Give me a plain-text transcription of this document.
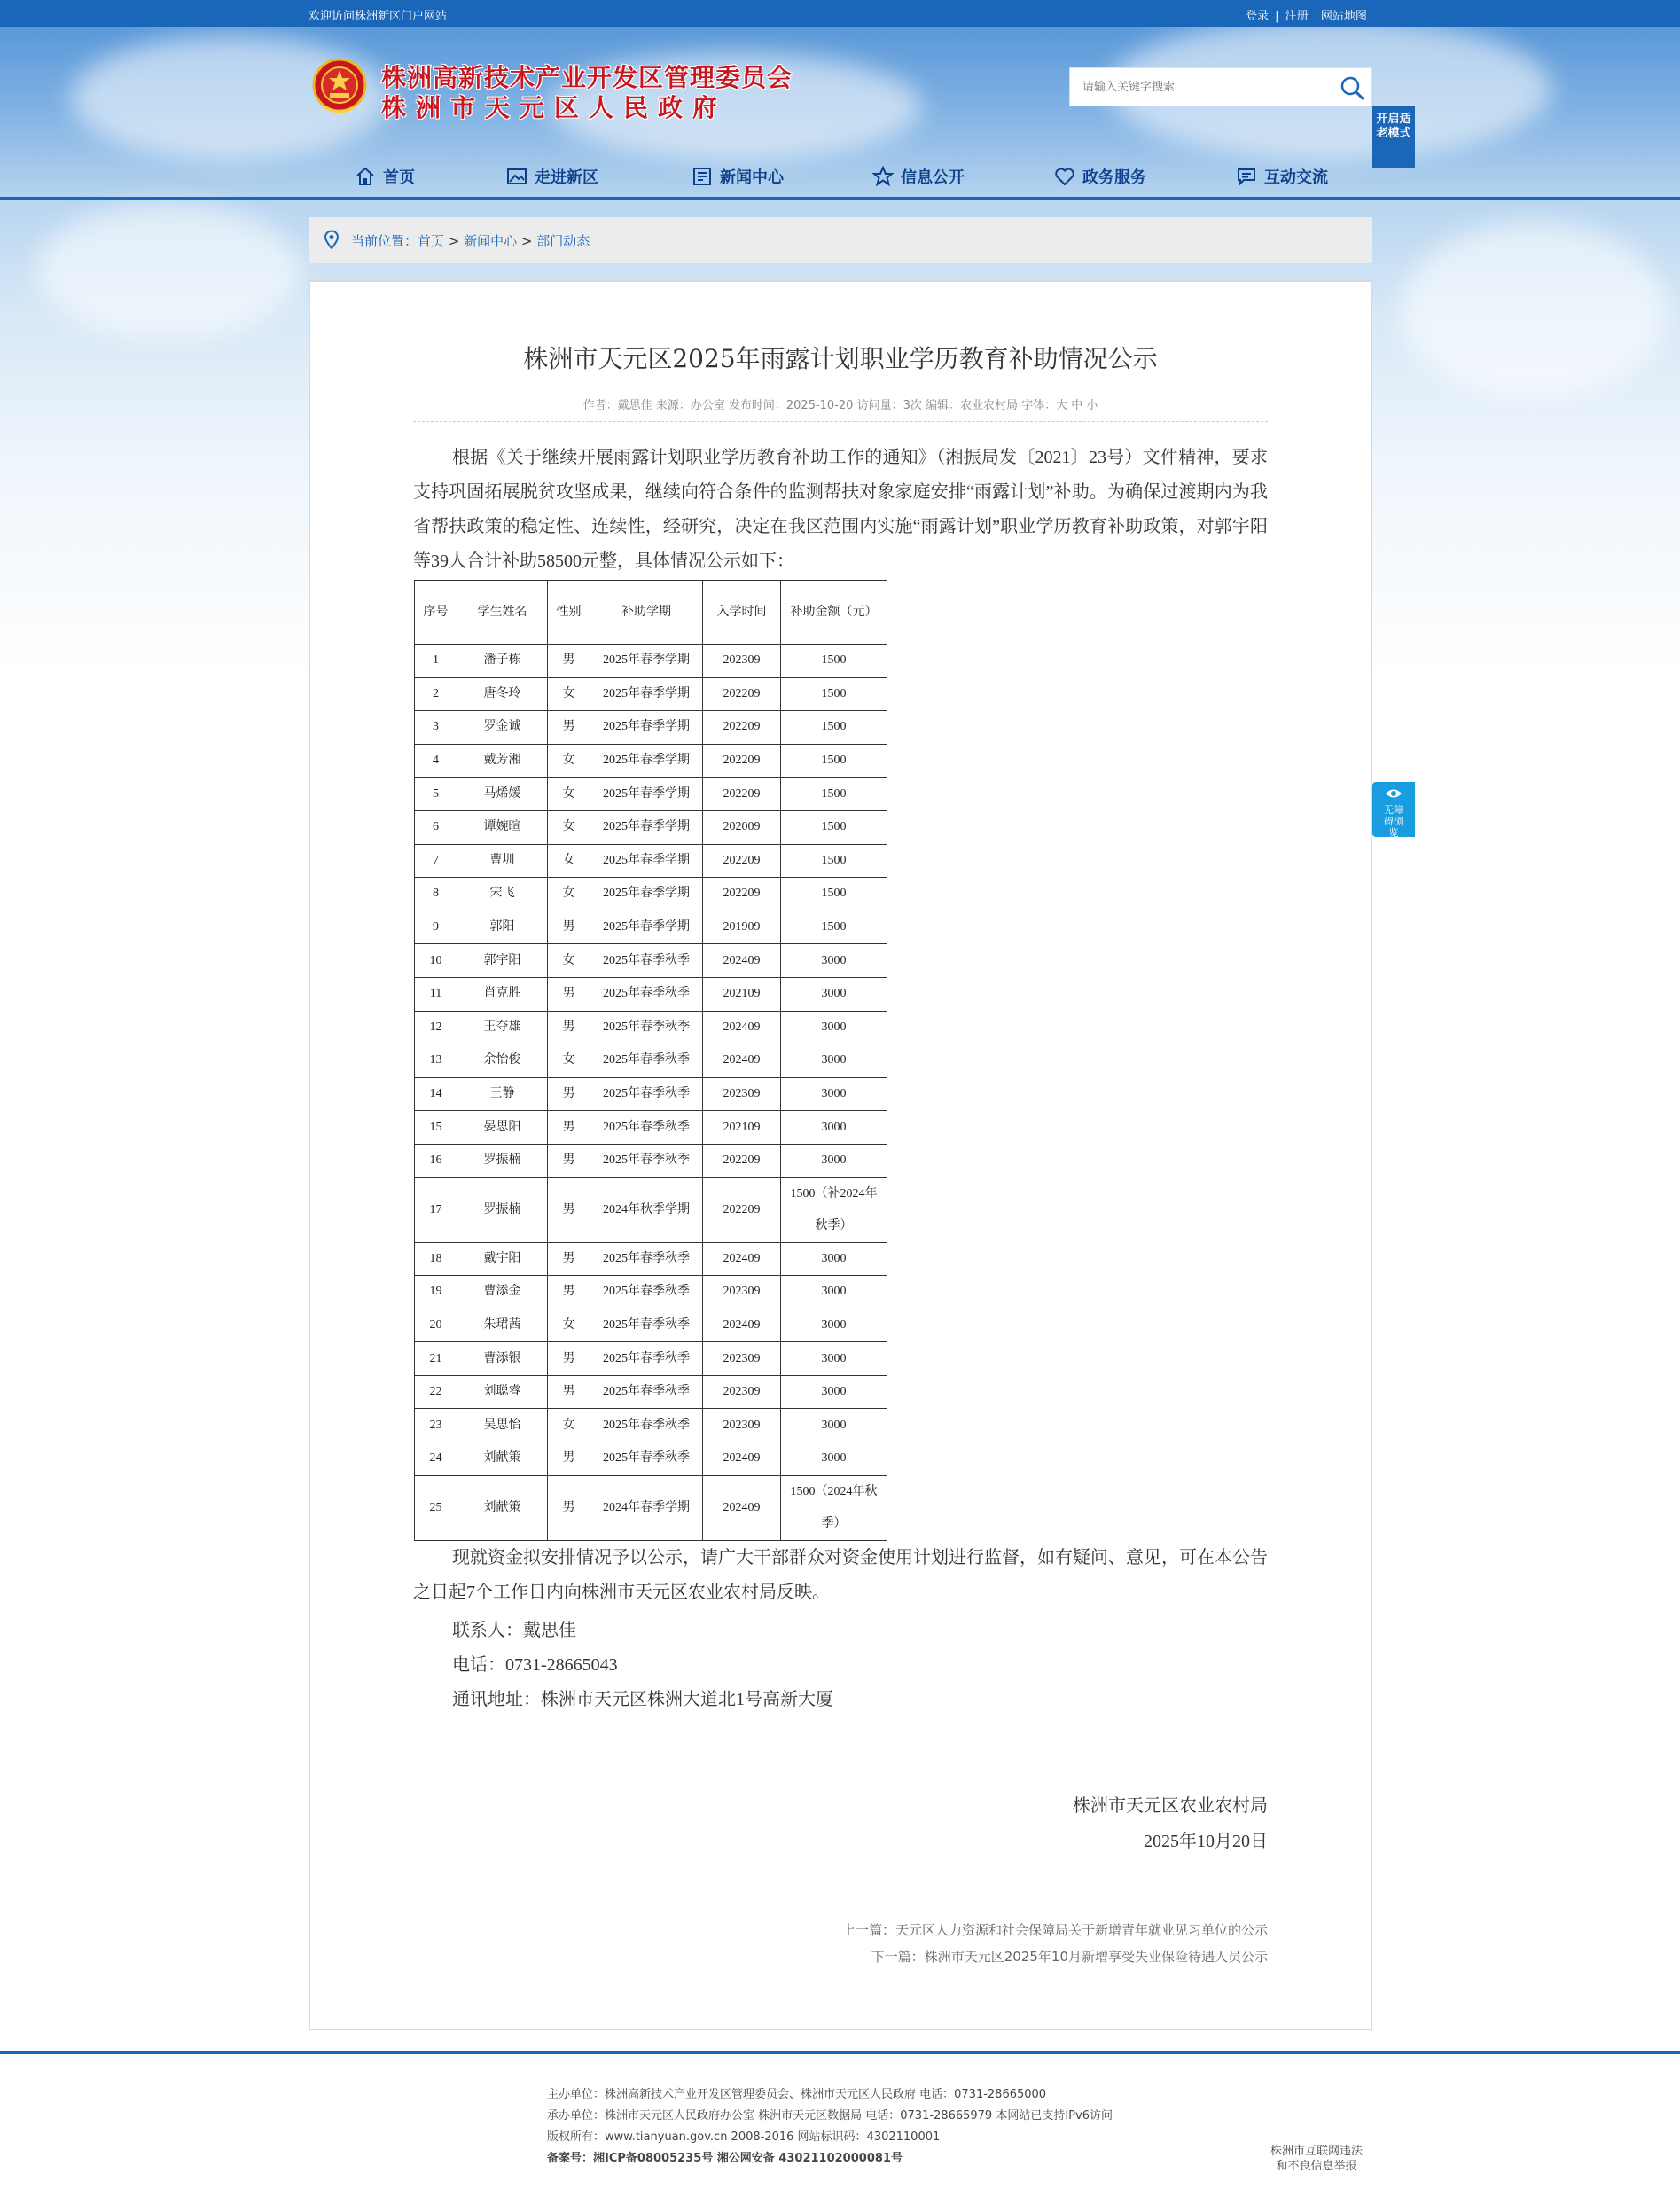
欢迎访问株洲新区门户网站	登录 | 注册 网站地图
株洲高新技术产业开发区管理委员会
株洲市天元区人民政府
请输入关键字搜索	开启适老模式
首页	走进新区	新闻中心	信息公开	政务服务	互动交流
当前位置：首页 > 新闻中心 > 部门动态
株洲市天元区2025年雨露计划职业学历教育补助情况公示
作者：戴思佳 来源：办公室 发布时间：2025-10-20 访问量：3次 编辑：农业农村局 字体：大 中 小
根据《关于继续开展雨露计划职业学历教育补助工作的通知》（湘振局发〔2021〕23号）文件精神，要求支持巩固拓展脱贫攻坚成果，继续向符合条件的监测帮扶对象家庭安排“雨露计划”补助。为确保过渡期内为我省帮扶政策的稳定性、连续性，经研究，决定在我区范围内实施“雨露计划”职业学历教育补助政策，对郭宇阳等39人合计补助58500元整，具体情况公示如下：
序号	学生姓名	性别	补助学期	入学时间	补助金额（元）
1	潘子栋	男	2025年春季学期	202309	1500
2	唐冬玲	女	2025年春季学期	202209	1500
3	罗金诚	男	2025年春季学期	202209	1500
4	戴芳湘	女	2025年春季学期	202209	1500
5	马烯媛	女	2025年春季学期	202209	1500
6	谭婉暄	女	2025年春季学期	202009	1500
7	曹圳	女	2025年春季学期	202209	1500
8	宋飞	女	2025年春季学期	202209	1500
9	郭阳	男	2025年春季学期	201909	1500
10	郭宇阳	女	2025年春季秋季	202409	3000
11	肖克胜	男	2025年春季秋季	202109	3000
12	王夺雄	男	2025年春季秋季	202409	3000
13	余怡俊	女	2025年春季秋季	202409	3000
14	王静	男	2025年春季秋季	202309	3000
15	晏思阳	男	2025年春季秋季	202109	3000
16	罗振楠	男	2025年春季秋季	202209	3000
17	罗振楠	男	2024年秋季学期	202209	1500（补2024年秋季）
18	戴宇阳	男	2025年春季秋季	202409	3000
19	曹添金	男	2025年春季秋季	202309	3000
20	朱珺茜	女	2025年春季秋季	202409	3000
21	曹添银	男	2025年春季秋季	202309	3000
22	刘聪睿	男	2025年春季秋季	202309	3000
23	吴思怡	女	2025年春季秋季	202309	3000
24	刘献策	男	2025年春季秋季	202409	3000
25	刘献策	男	2024年春季学期	202409	1500（2024年秋季）
现就资金拟安排情况予以公示，请广大干部群众对资金使用计划进行监督，如有疑问、意见，可在本公告之日起7个工作日内向株洲市天元区农业农村局反映。
联系人：戴思佳
电话：0731-28665043
通讯地址：株洲市天元区株洲大道北1号高新大厦
株洲市天元区农业农村局
2025年10月20日
上一篇：天元区人力资源和社会保障局关于新增青年就业见习单位的公示
下一篇：株洲市天元区2025年10月新增享受失业保险待遇人员公示
无障碍浏览
主办单位：株洲高新技术产业开发区管理委员会、株洲市天元区人民政府 电话：0731-28665000
承办单位：株洲市天元区人民政府办公室 株洲市天元区数据局 电话：0731-28665979 本网站已支持IPv6访问
版权所有：www.tianyuan.gov.cn 2008-2016 网站标识码：4302110001
备案号：湘ICP备08005235号 湘公网安备 43021102000081号
株洲市互联网违法
和不良信息举报
